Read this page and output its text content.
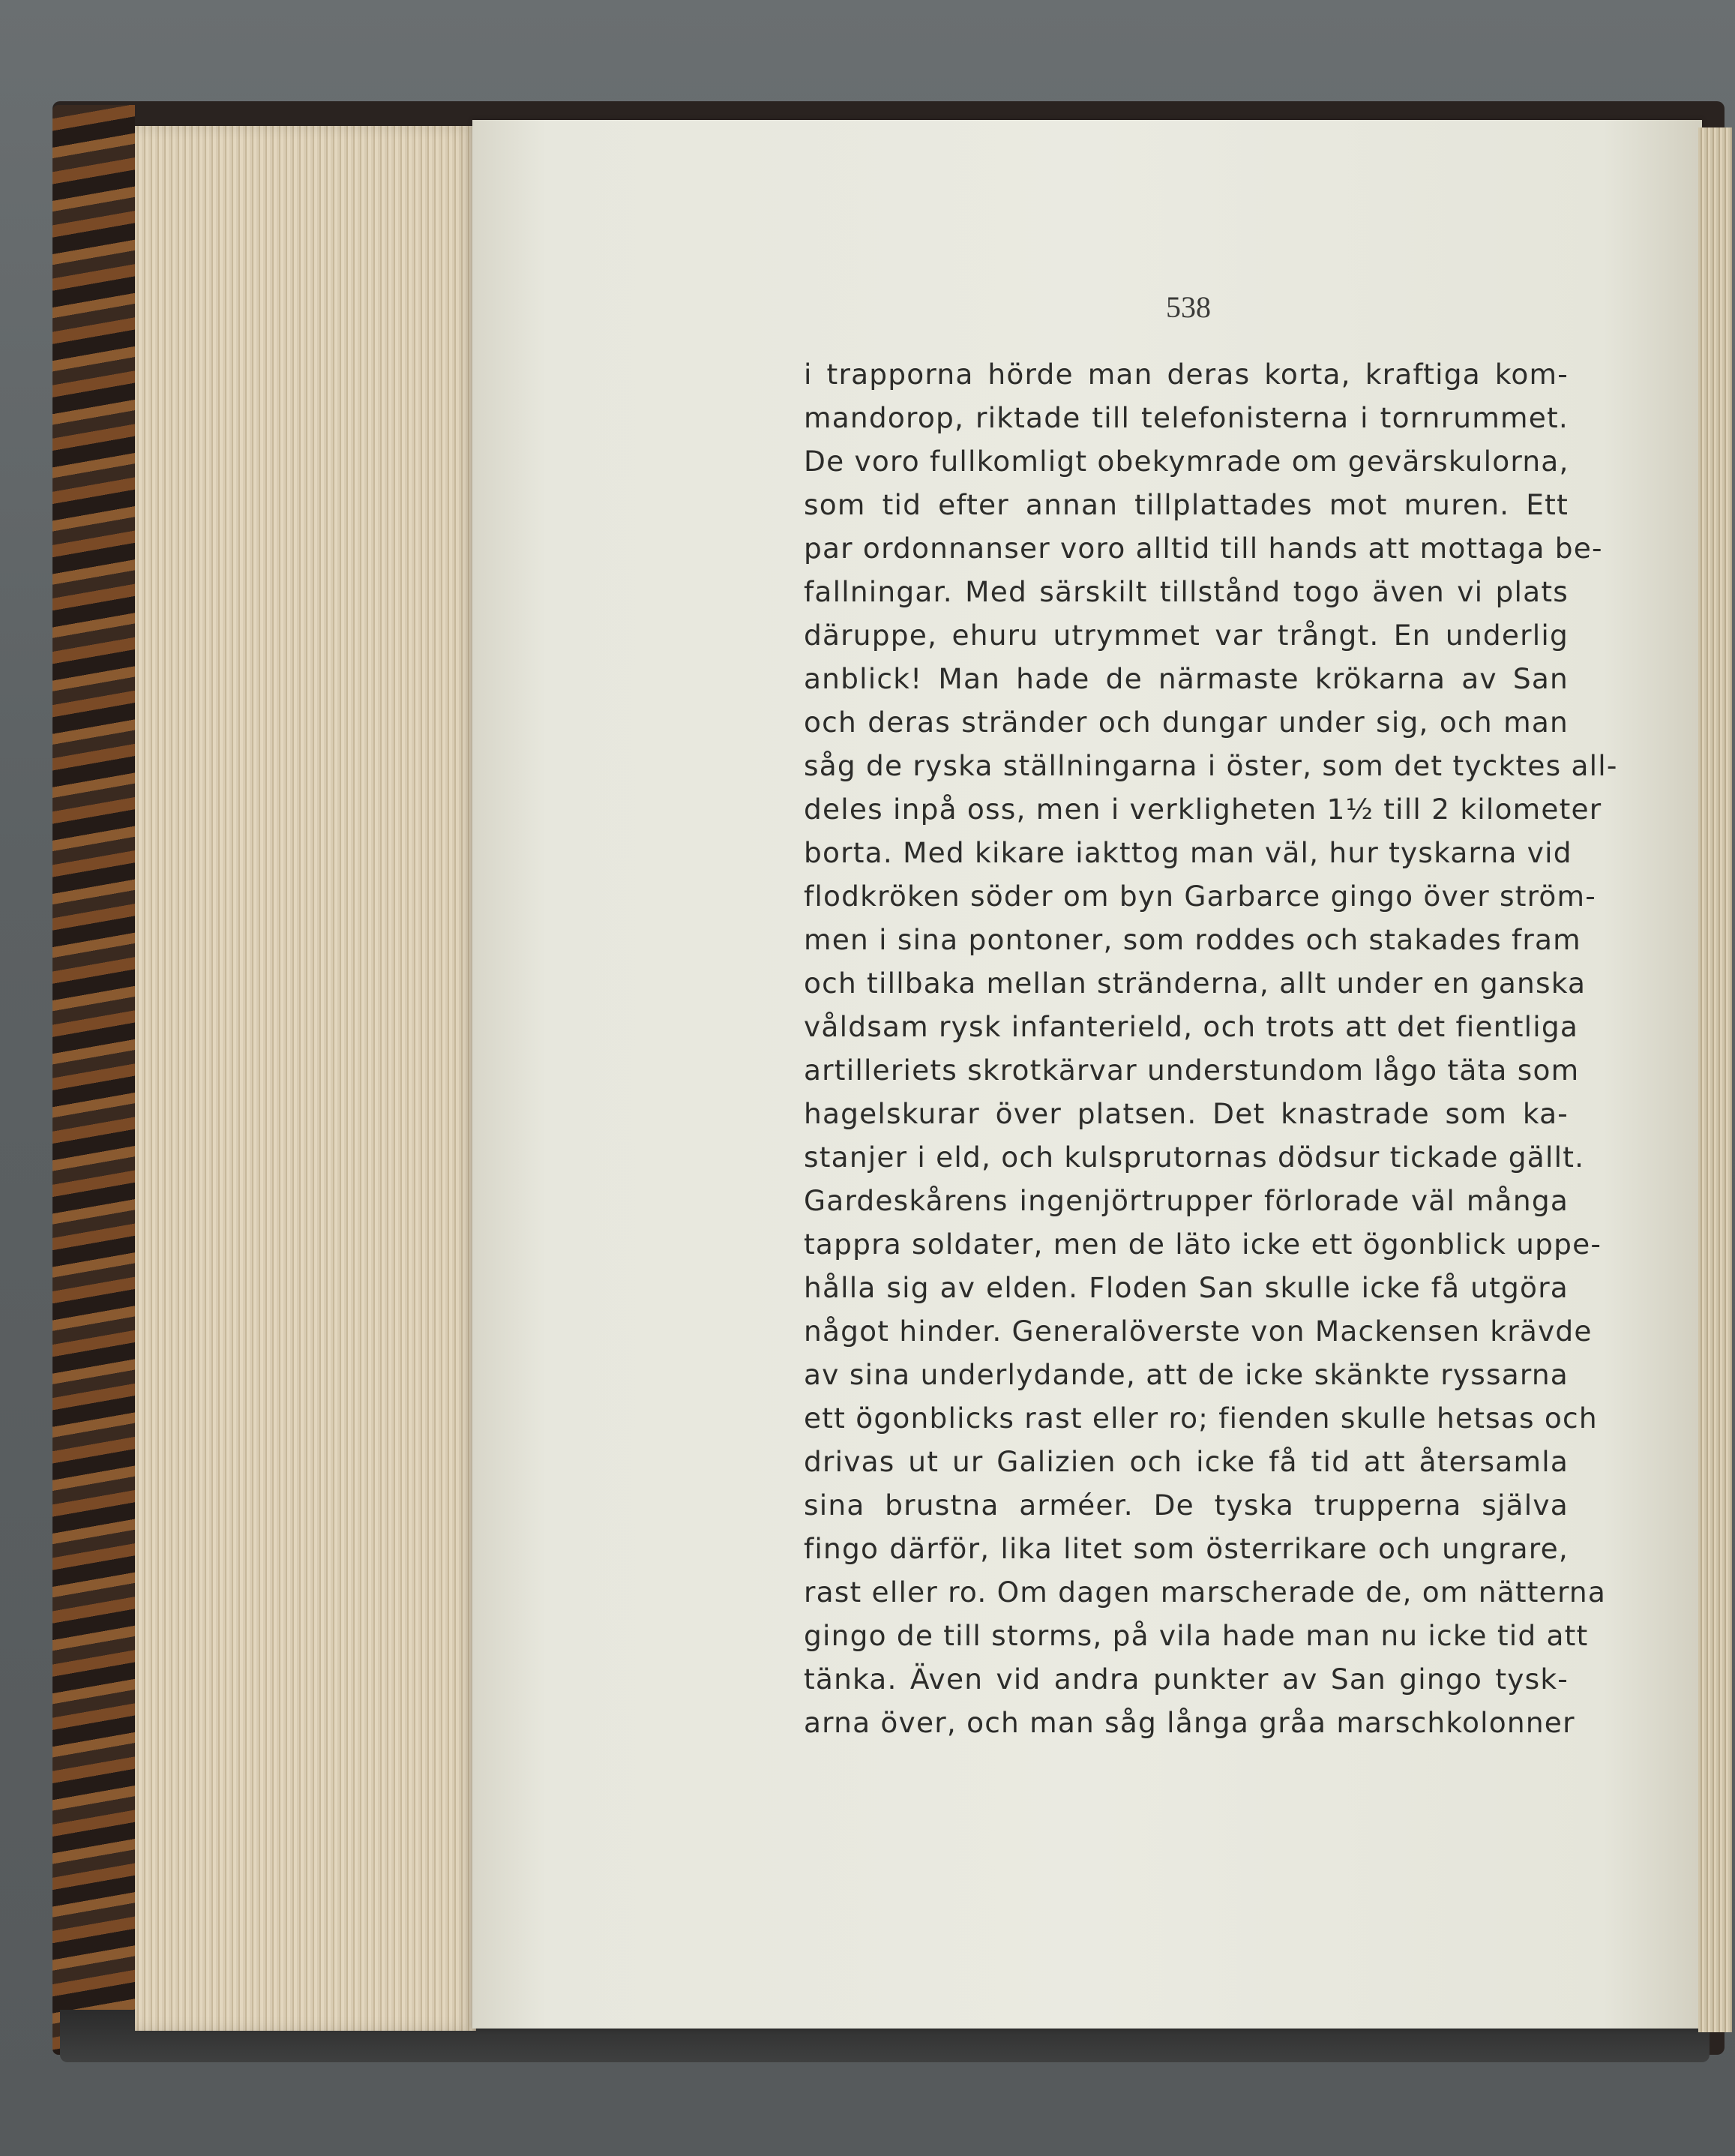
538
i trapporna hörde man deras korta, kraftiga kom-
mandorop, riktade till telefonisterna i tornrummet.
De voro fullkomligt obekymrade om gevärskulorna,
som tid efter annan tillplattades mot muren. Ett
par ordonnanser voro alltid till hands att mottaga be-
fallningar. Med särskilt tillstånd togo även vi plats
däruppe, ehuru utrymmet var trångt. En underlig
anblick! Man hade de närmaste krökarna av San
och deras stränder och dungar under sig, och man
såg de ryska ställningarna i öster, som det tycktes all-
deles inpå oss, men i verkligheten 1½ till 2 kilometer
borta. Med kikare iakttog man väl, hur tyskarna vid
flodkröken söder om byn Garbarce gingo över ström-
men i sina pontoner, som roddes och stakades fram
och tillbaka mellan stränderna, allt under en ganska
våldsam rysk infanterield, och trots att det fientliga
artilleriets skrotkärvar understundom lågo täta som
hagelskurar över platsen. Det knastrade som ka-
stanjer i eld, och kulsprutornas dödsur tickade gällt.
Gardeskårens ingenjörtrupper förlorade väl många
tappra soldater, men de läto icke ett ögonblick uppe-
hålla sig av elden. Floden San skulle icke få utgöra
något hinder. Generalöverste von Mackensen krävde
av sina underlydande, att de icke skänkte ryssarna
ett ögonblicks rast eller ro; fienden skulle hetsas och
drivas ut ur Galizien och icke få tid att återsamla
sina brustna arméer. De tyska trupperna själva
fingo därför, lika litet som österrikare och ungrare,
rast eller ro. Om dagen marscherade de, om nätterna
gingo de till storms, på vila hade man nu icke tid att
tänka. Även vid andra punkter av San gingo tysk-
arna över, och man såg långa gråa marschkolonner
